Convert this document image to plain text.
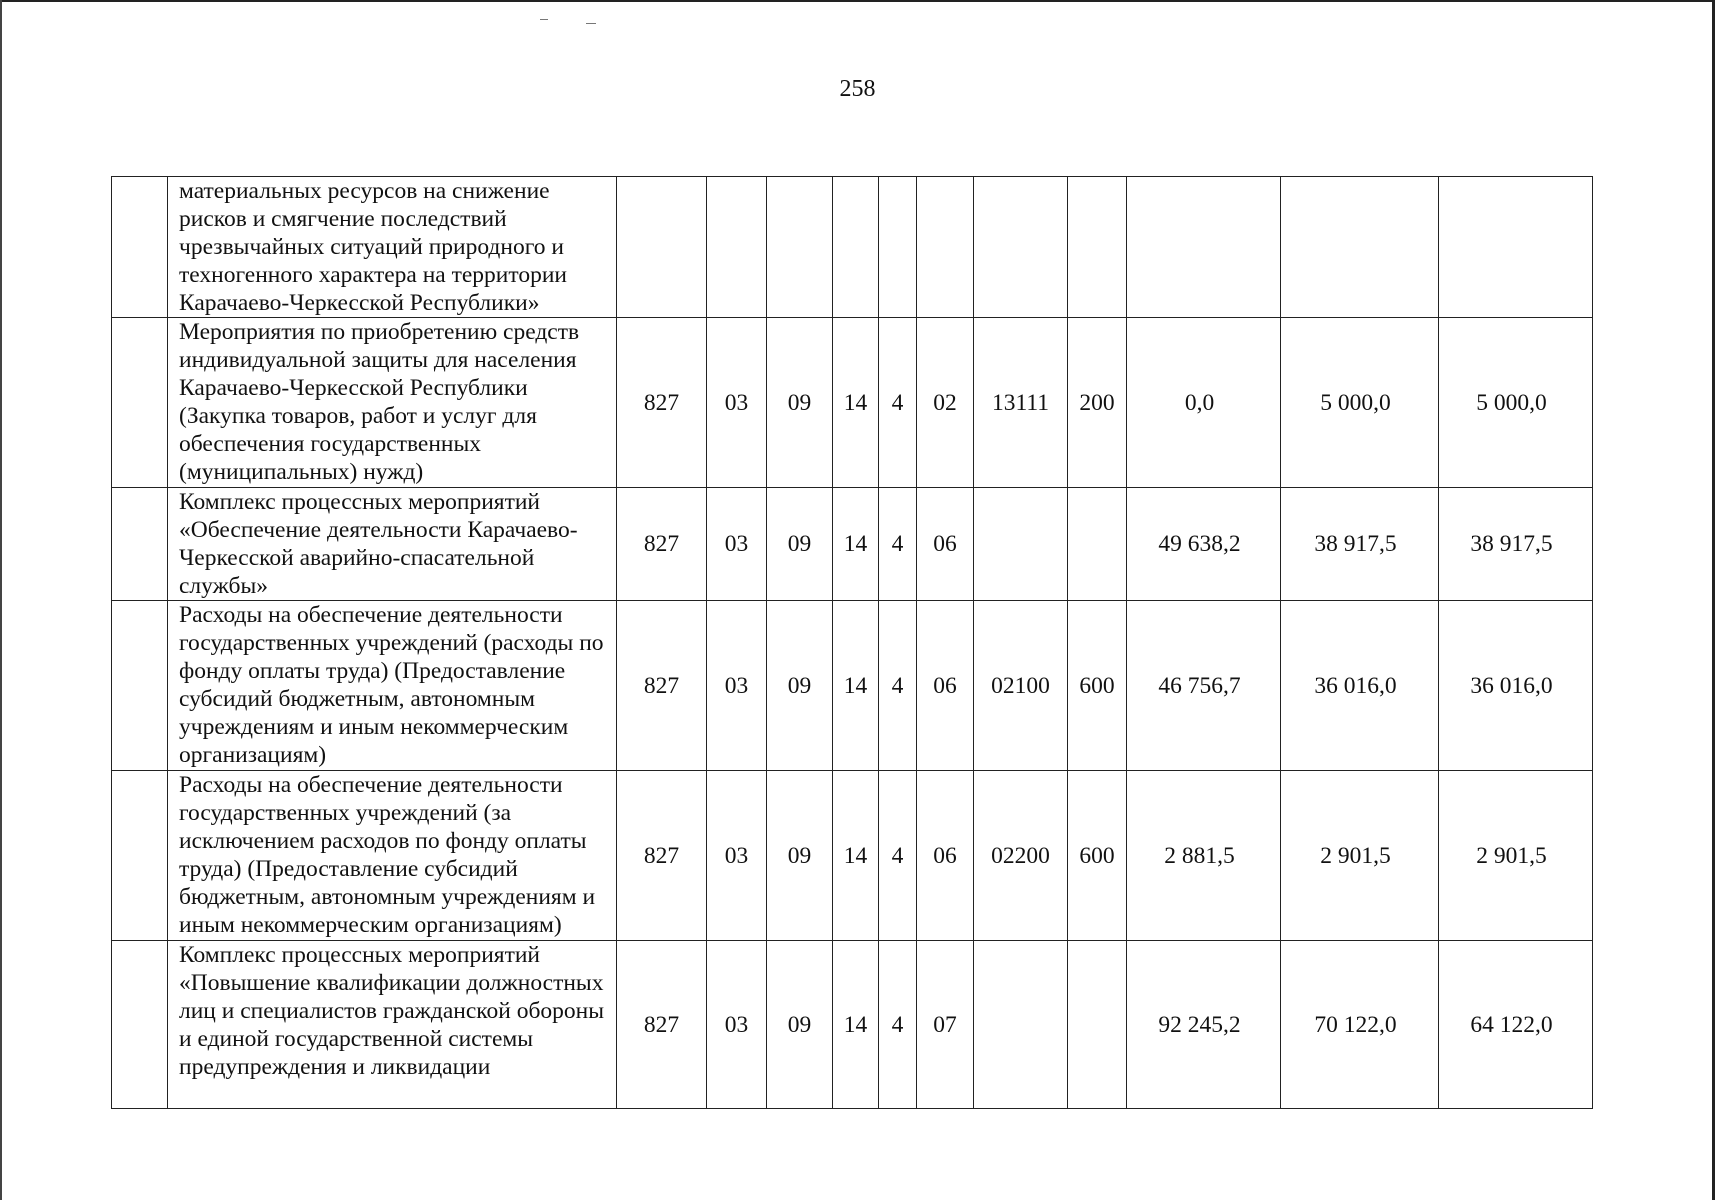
258
	материальных ресурсов на снижение рисков и смягчение последствий чрезвычайных ситуаций природного и техногенного характера на территории Карачаево-Черкесской Республики»											
	Мероприятия по приобретению средств индивидуальной защиты для населения Карачаево-Черкесской Республики (Закупка товаров, работ и услуг для обеспечения государственных (муниципальных) нужд)	827	03	09	14	4	02	13111	200	0,0	5 000,0	5 000,0
	Комплекс процессных мероприятий «Обеспечение деятельности Карачаево-Черкесской аварийно-спасательной службы»	827	03	09	14	4	06			49 638,2	38 917,5	38 917,5
	Расходы на обеспечение деятельности государственных учреждений (расходы по фонду оплаты труда) (Предоставление субсидий бюджетным, автономным учреждениям и иным некоммерческим организациям)	827	03	09	14	4	06	02100	600	46 756,7	36 016,0	36 016,0
	Расходы на обеспечение деятельности государственных учреждений (за исключением расходов по фонду оплаты труда) (Предоставление субсидий бюджетным, автономным учреждениям и иным некоммерческим организациям)	827	03	09	14	4	06	02200	600	2 881,5	2 901,5	2 901,5
	Комплекс процессных мероприятий «Повышение квалификации должностных лиц и специалистов гражданской обороны и единой государственной системы предупреждения и ликвидации	827	03	09	14	4	07			92 245,2	70 122,0	64 122,0
